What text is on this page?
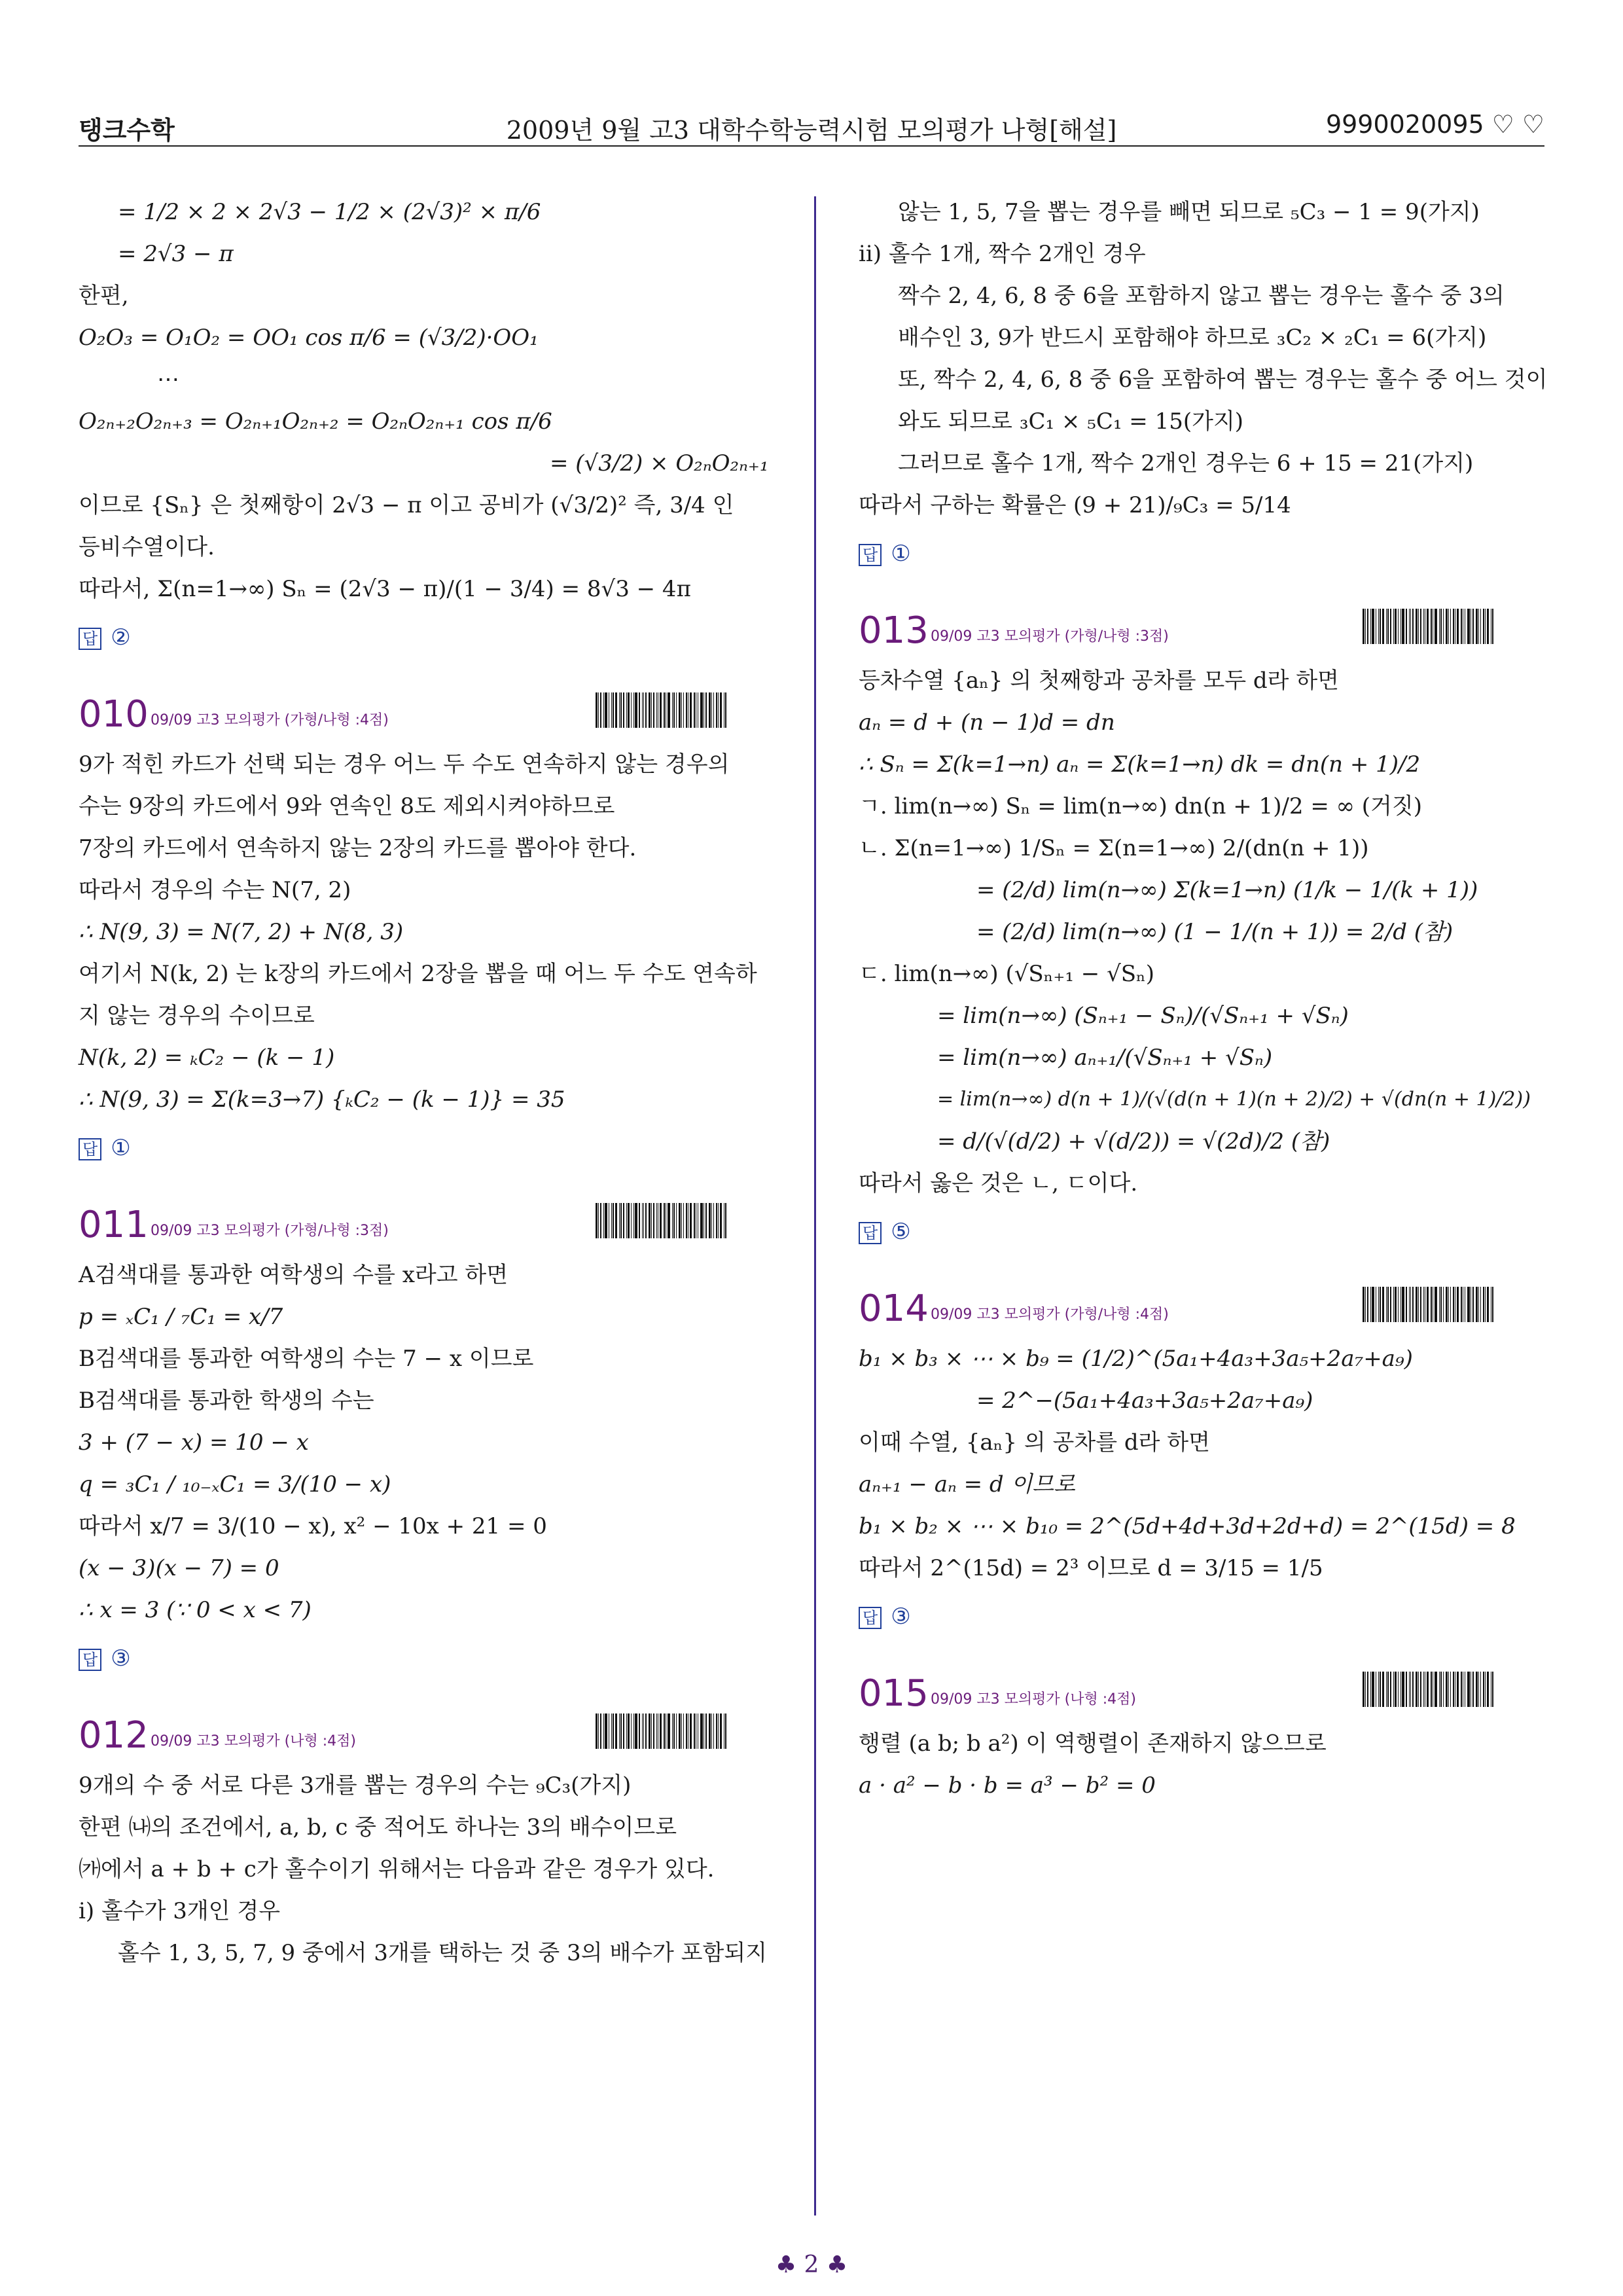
탱크수학	2009년 9월 고3 대학수학능력시험 모의평가 나형[해설]	9990020095 ♡ ♡
= 1/2 × 2 × 2√3 − 1/2 × (2√3)² × π/6
= 2√3 − π
한편,
O₂O₃ = O₁O₂ = OO₁ cos π/6 = (√3/2)·OO₁
⋯
O₂ₙ₊₂O₂ₙ₊₃ = O₂ₙ₊₁O₂ₙ₊₂ = O₂ₙO₂ₙ₊₁ cos π/6
= (√3/2) × O₂ₙO₂ₙ₊₁
이므로 {Sₙ} 은 첫째항이 2√3 − π 이고 공비가 (√3/2)² 즉, 3/4 인
등비수열이다.
따라서, Σ(n=1→∞) Sₙ = (2√3 − π)/(1 − 3/4) = 8√3 − 4π
답 ②
010 09/09 고3 모의평가 (가형/나형 :4점)
9가 적힌 카드가 선택 되는 경우 어느 두 수도 연속하지 않는 경우의
수는 9장의 카드에서 9와 연속인 8도 제외시켜야하므로
7장의 카드에서 연속하지 않는 2장의 카드를 뽑아야 한다.
따라서 경우의 수는 N(7, 2)
∴ N(9, 3) = N(7, 2) + N(8, 3)
여기서 N(k, 2) 는 k장의 카드에서 2장을 뽑을 때 어느 두 수도 연속하
지 않는 경우의 수이므로
N(k, 2) = ₖC₂ − (k − 1)
∴ N(9, 3) = Σ(k=3→7) {ₖC₂ − (k − 1)} = 35
답 ①
011 09/09 고3 모의평가 (가형/나형 :3점)
A검색대를 통과한 여학생의 수를 x라고 하면
p = ₓC₁ / ₇C₁ = x/7
B검색대를 통과한 여학생의 수는 7 − x 이므로
B검색대를 통과한 학생의 수는
3 + (7 − x) = 10 − x
q = ₃C₁ / ₁₀₋ₓC₁ = 3/(10 − x)
따라서 x/7 = 3/(10 − x), x² − 10x + 21 = 0
(x − 3)(x − 7) = 0
∴ x = 3 (∵ 0 < x < 7)
답 ③
012 09/09 고3 모의평가 (나형 :4점)
9개의 수 중 서로 다른 3개를 뽑는 경우의 수는 ₉C₃(가지)
한편 ㈏의 조건에서, a, b, c 중 적어도 하나는 3의 배수이므로
㈎에서 a + b + c가 홀수이기 위해서는 다음과 같은 경우가 있다.
ⅰ) 홀수가 3개인 경우
홀수 1, 3, 5, 7, 9 중에서 3개를 택하는 것 중 3의 배수가 포함되지
않는 1, 5, 7을 뽑는 경우를 빼면 되므로 ₅C₃ − 1 = 9(가지)
ⅱ) 홀수 1개, 짝수 2개인 경우
짝수 2, 4, 6, 8 중 6을 포함하지 않고 뽑는 경우는 홀수 중 3의
배수인 3, 9가 반드시 포함해야 하므로 ₃C₂ × ₂C₁ = 6(가지)
또, 짝수 2, 4, 6, 8 중 6을 포함하여 뽑는 경우는 홀수 중 어느 것이
와도 되므로 ₃C₁ × ₅C₁ = 15(가지)
그러므로 홀수 1개, 짝수 2개인 경우는 6 + 15 = 21(가지)
따라서 구하는 확률은 (9 + 21)/₉C₃ = 5/14
답 ①
013 09/09 고3 모의평가 (가형/나형 :3점)
등차수열 {aₙ} 의 첫째항과 공차를 모두 d라 하면
aₙ = d + (n − 1)d = dn
∴ Sₙ = Σ(k=1→n) aₙ = Σ(k=1→n) dk = dn(n + 1)/2
ㄱ. lim(n→∞) Sₙ = lim(n→∞) dn(n + 1)/2 = ∞ (거짓)
ㄴ. Σ(n=1→∞) 1/Sₙ = Σ(n=1→∞) 2/(dn(n + 1))
= (2/d) lim(n→∞) Σ(k=1→n) (1/k − 1/(k + 1))
= (2/d) lim(n→∞) (1 − 1/(n + 1)) = 2/d (참)
ㄷ. lim(n→∞) (√Sₙ₊₁ − √Sₙ)
= lim(n→∞) (Sₙ₊₁ − Sₙ)/(√Sₙ₊₁ + √Sₙ)
= lim(n→∞) aₙ₊₁/(√Sₙ₊₁ + √Sₙ)
= lim(n→∞) d(n + 1)/(√(d(n + 1)(n + 2)/2) + √(dn(n + 1)/2))
= d/(√(d/2) + √(d/2)) = √(2d)/2 (참)
따라서 옳은 것은 ㄴ, ㄷ이다.
답 ⑤
014 09/09 고3 모의평가 (가형/나형 :4점)
b₁ × b₃ × ⋯ × b₉ = (1/2)^(5a₁+4a₃+3a₅+2a₇+a₉)
= 2^−(5a₁+4a₃+3a₅+2a₇+a₉)
이때 수열, {aₙ} 의 공차를 d라 하면
aₙ₊₁ − aₙ = d 이므로
b₁ × b₂ × ⋯ × b₁₀ = 2^(5d+4d+3d+2d+d) = 2^(15d) = 8
따라서 2^(15d) = 2³ 이므로 d = 3/15 = 1/5
답 ③
015 09/09 고3 모의평가 (나형 :4점)
행렬 (a b; b a²) 이 역행렬이 존재하지 않으므로
a · a² − b · b = a³ − b² = 0
♣ 2 ♣
